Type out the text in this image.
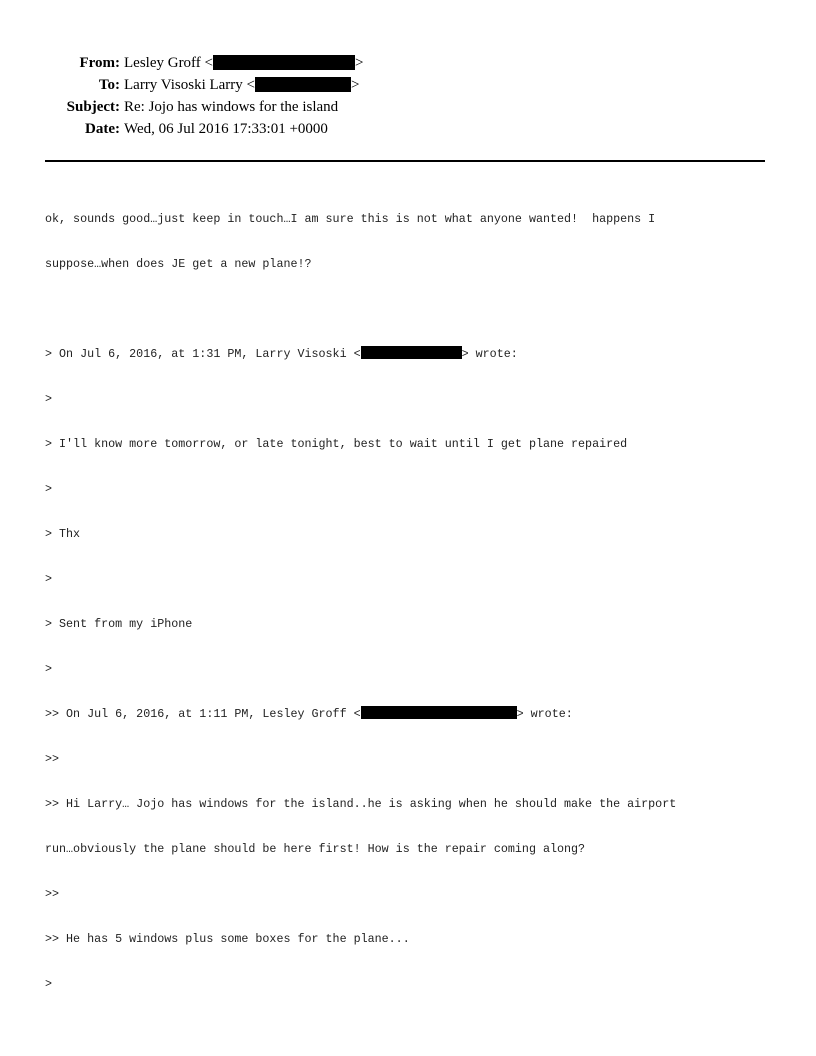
From: Lesley Groff <	>
To: Larry Visoski Larry <	>
Subject: Re: Jojo has windows for the island
Date: Wed, 06 Jul 2016 17:33:01 +0000

ok, sounds good…just keep in touch…I am sure this is not what anyone wanted!  happens I

suppose…when does JE get a new plane!?

> On Jul 6, 2016, at 1:31 PM, Larry Visoski <	> wrote:

>

> I'll know more tomorrow, or late tonight, best to wait until I get plane repaired

>

> Thx

>

> Sent from my iPhone

>

>> On Jul 6, 2016, at 1:11 PM, Lesley Groff <	> wrote:

>>

>> Hi Larry… Jojo has windows for the island..he is asking when he should make the airport

run…obviously the plane should be here first! How is the repair coming along?

>>

>> He has 5 windows plus some boxes for the plane...

>
